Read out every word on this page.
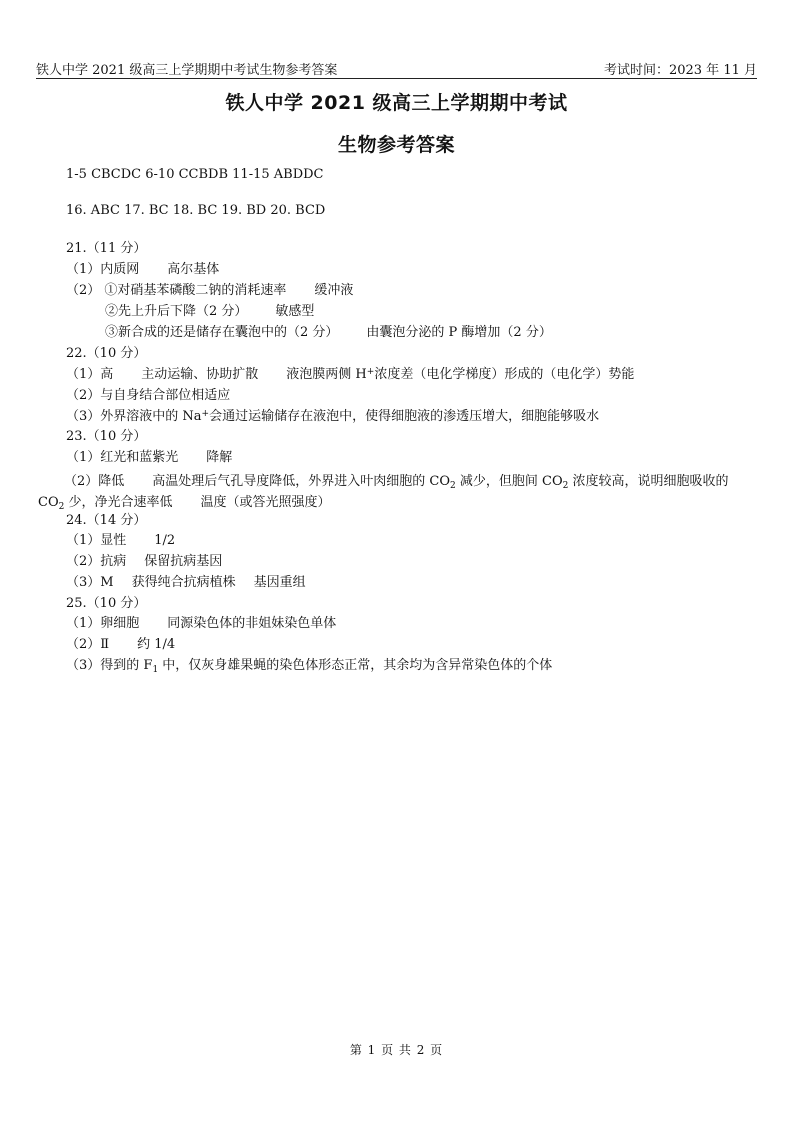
铁人中学 2021 级高三上学期期中考试生物参考答案	考试时间：2023 年 11 月
铁人中学 2021 级高三上学期期中考试
生物参考答案
1-5 CBCDC 6-10 CCBDB 11-15 ABDDC
16. ABC 17. BC 18. BC 19. BD 20. BCD
21.（11 分）
（1）内质网 高尔基体
（2） ①对硝基苯磷酸二钠的消耗速率 缓冲液
②先上升后下降（2 分） 敏感型
③新合成的还是储存在囊泡中的（2 分） 由囊泡分泌的 P 酶增加（2 分）
22.（10 分）
（1）高 主动运输、协助扩散 液泡膜两侧 H+浓度差（电化学梯度）形成的（电化学）势能
（2）与自身结合部位相适应
（3）外界溶液中的 Na+会通过运输储存在液泡中，使得细胞液的渗透压增大，细胞能够吸水
23.（10 分）
（1）红光和蓝紫光 降解
（2）降低 高温处理后气孔导度降低，外界进入叶肉细胞的 $CO_2$ 减少，但胞间 $CO_2$ 浓度较高，说明细胞吸收的 $CO_2$ 少，净光合速率低 温度（或答光照强度）
24.（14 分）
（1）显性 1/2
（2）抗病 保留抗病基因
（3）M 获得纯合抗病植株 基因重组
25.（10 分）
（1）卵细胞 同源染色体的非姐妹染色单体
（2）Ⅱ 约 1/4
（3）得到的 $F_1$ 中，仅灰身雄果蝇的染色体形态正常，其余均为含异常染色体的个体
第 1 页 共 2 页
